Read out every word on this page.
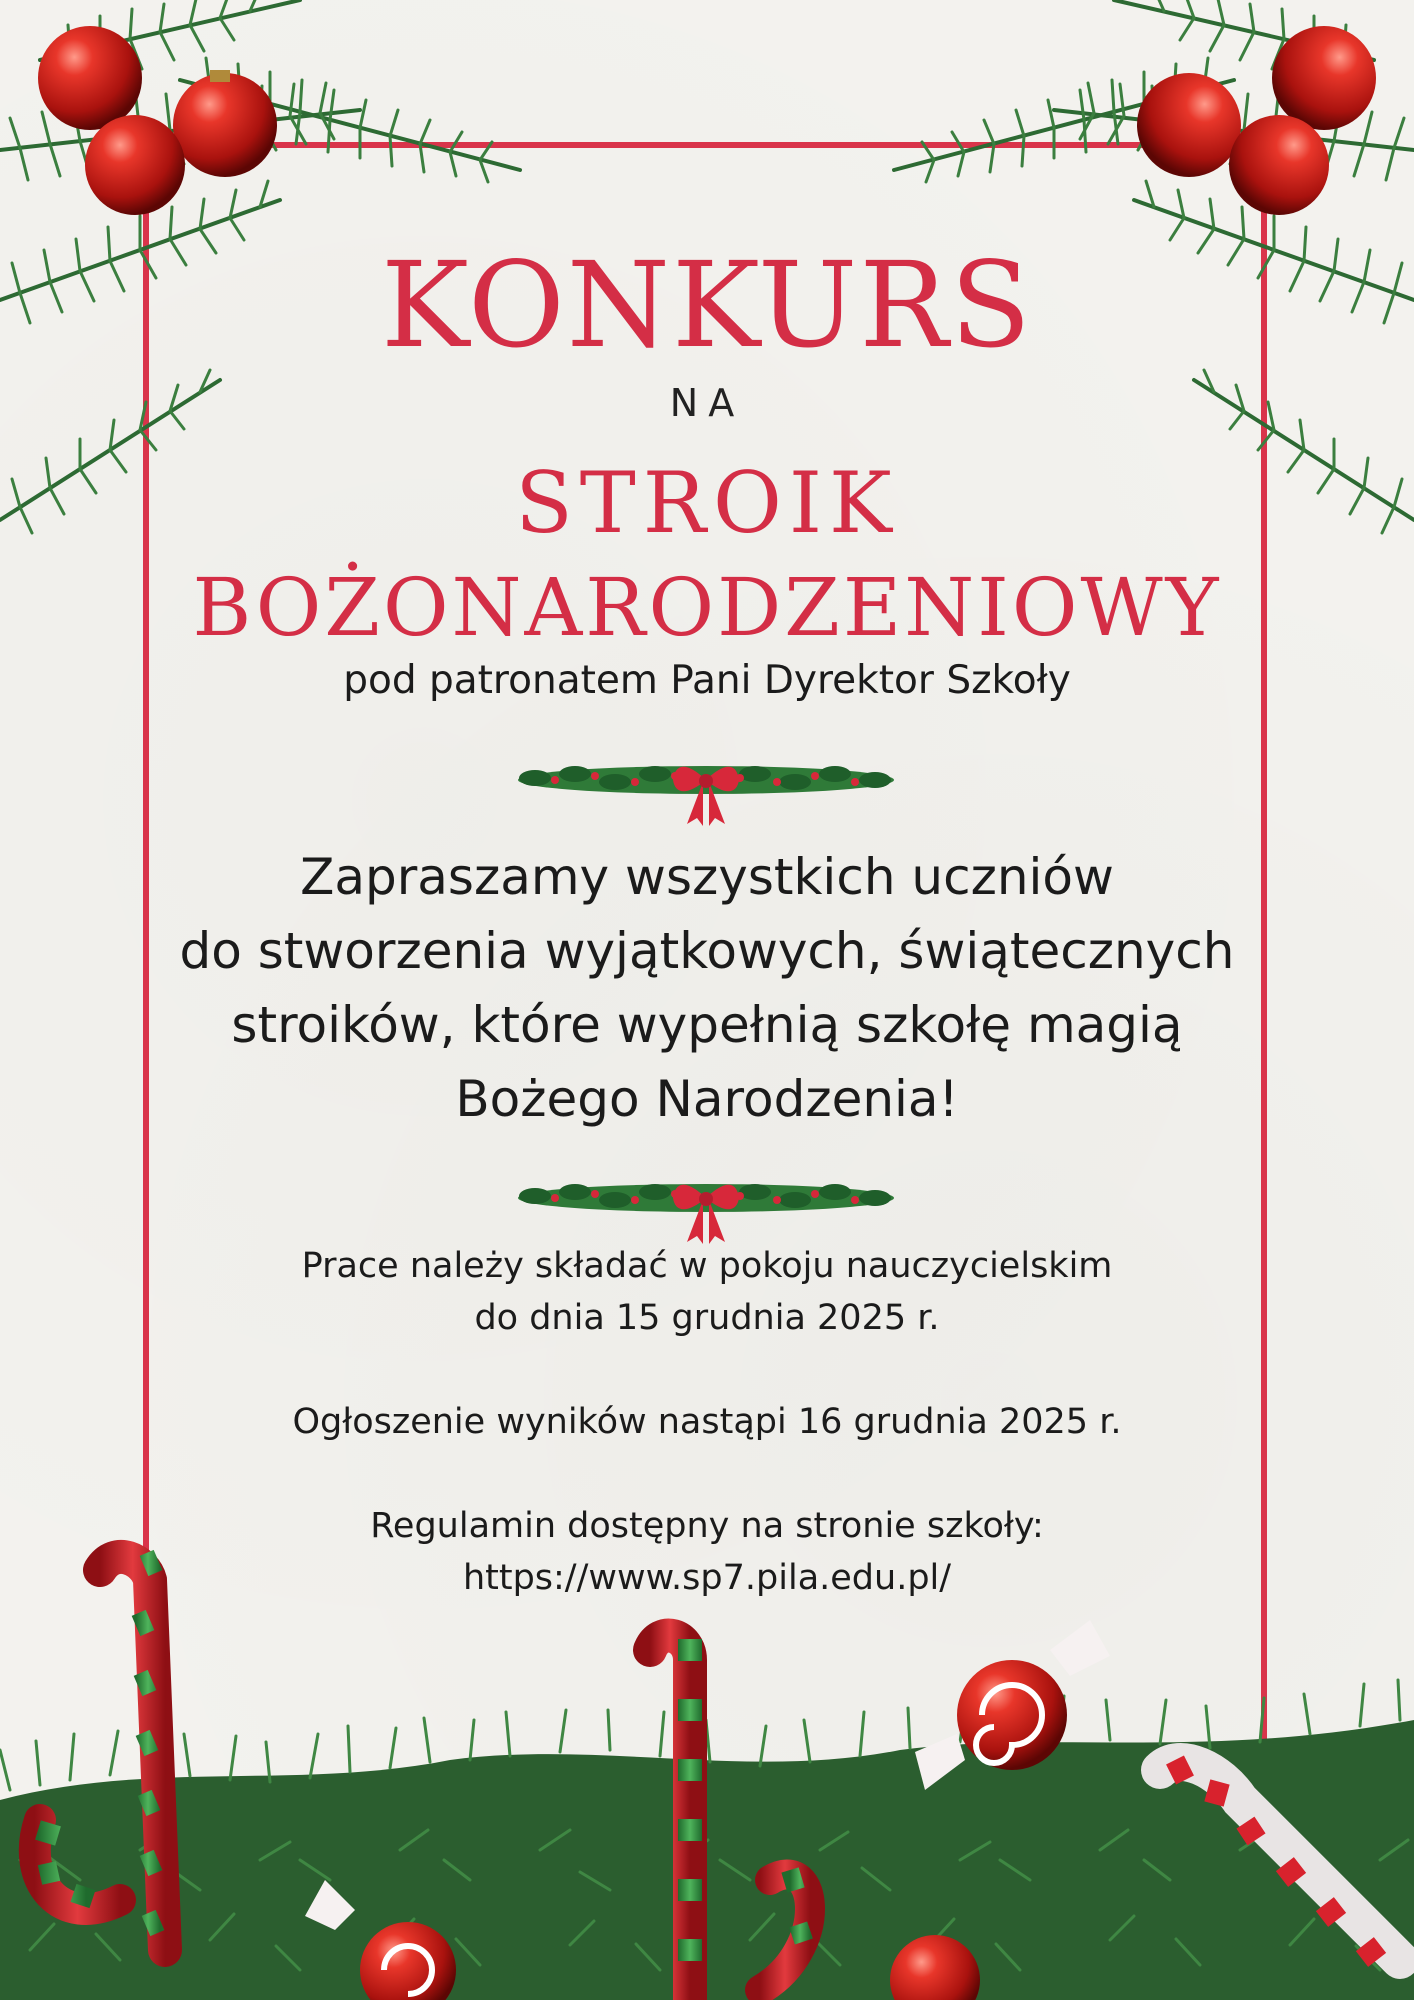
KONKURS
NA
STROIK
BOŻONARODZENIOWY
pod patronatem Pani Dyrektor Szkoły
Zapraszamy wszystkich uczniów
do stworzenia wyjątkowych, świątecznych
stroików, które wypełnią szkołę magią
Bożego Narodzenia!

Prace należy składać w pokoju nauczycielskim

do dnia 15 grudnia 2025 r.

Ogłoszenie wyników nastąpi 16 grudnia 2025 r.

Regulamin dostępny na stronie szkoły:

https://www.sp7.pila.edu.pl/
